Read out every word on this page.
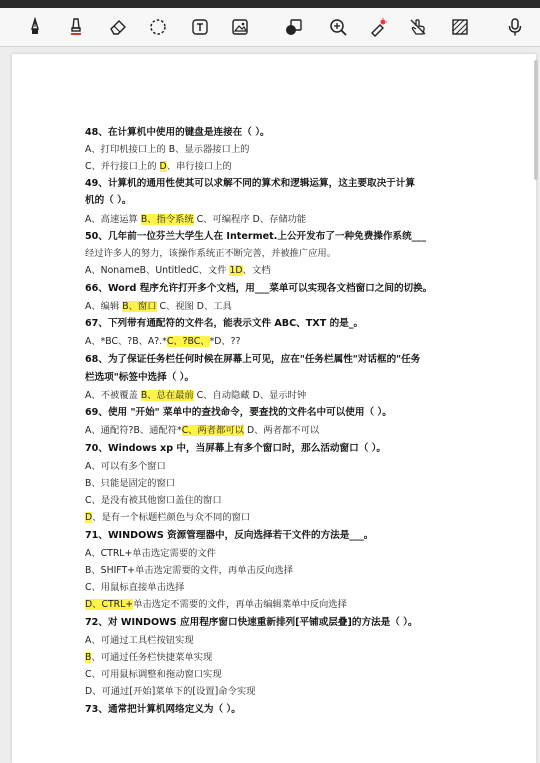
48、在计算机中使用的键盘是连接在（ ）。
A、打印机接口上的 B、显示器接口上的
C、并行接口上的 D、串行接口上的
49、计算机的通用性使其可以求解不同的算术和逻辑运算，这主要取决于计算
机的（ ）。
A、高速运算 B、指令系统 C、可编程序 D、存储功能
50、几年前一位芬兰大学生人在 Intermet.上公开发布了一种免费操作系统___
经过许多人的努力，该操作系统正不断完善，并被推广应用。
A、NonameB、UntitledC、文件 1D、文档
66、Word 程序允许打开多个文档，用___菜单可以实现各文档窗口之间的切换。
A、编辑 B、窗口 C、视图 D、工具
67、下列带有通配符的文件名，能表示文件 ABC、TXT 的是_。
A、*BC、?B、A?.*C、?BC、*D、??
68、为了保证任务栏任何时候在屏幕上可见，应在"任务栏属性"对话框的"任务
栏选项"标签中选择（ ）。
A、不被覆盖 B、总在最前 C、自动隐藏 D、显示时钟
69、使用 "开始" 菜单中的查找命令，要查找的文件名中可以使用（ ）。
A、通配符?B、通配符*C、两者都可以 D、两者都不可以
70、Windows xp 中，当屏幕上有多个窗口时，那么活动窗口（ ）。
A、可以有多个窗口
B、只能是固定的窗口
C、是没有被其他窗口盖住的窗口
D、是有一个标题栏颜色与众不同的窗口
71、WINDOWS 资源管理器中，反向选择若干文件的方法是___。
A、CTRL+单击选定需要的文件
B、SHIFT+单击选定需要的文件，再单击反向选择
C、用鼠标直接单击选择
D、CTRL+单击选定不需要的文件，再单击编辑菜单中反向选择
72、对 WINDOWS 应用程序窗口快速重新排列[平铺或层叠]的方法是（ ）。
A、可通过工具栏按钮实现
B、可通过任务栏快捷菜单实现
C、可用鼠标调整和拖动窗口实现
D、可通过[开始]菜单下的[设置]命令实现
73、通常把计算机网络定义为（ ）。
